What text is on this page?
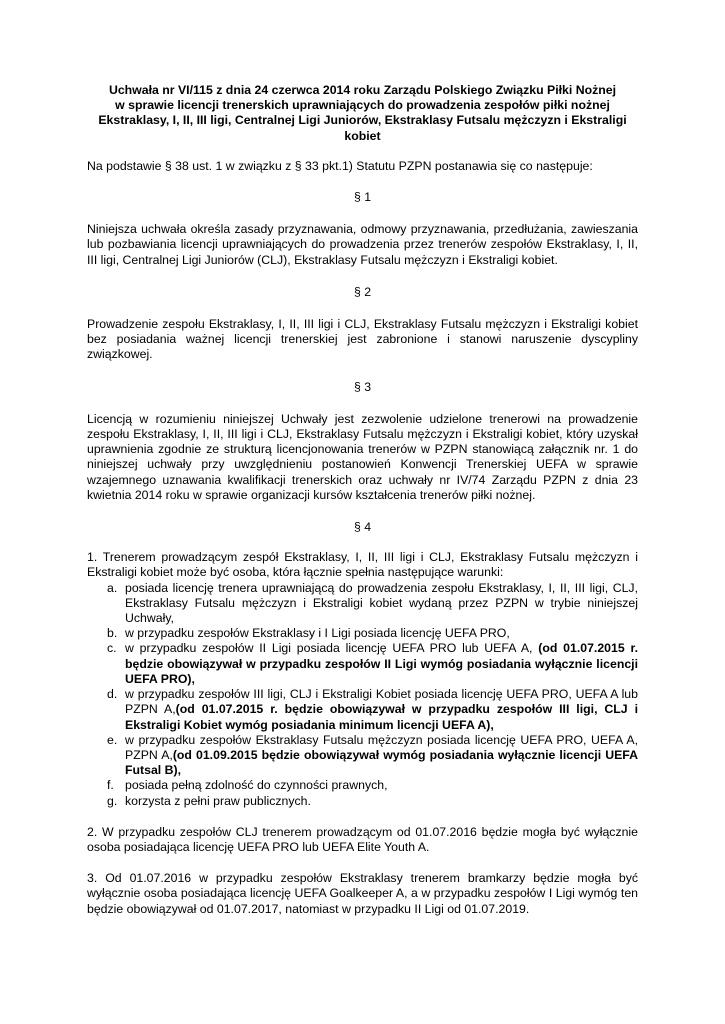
Uchwała nr VI/115 z dnia 24 czerwca 2014 roku Zarządu Polskiego Związku Piłki Nożnej
w sprawie licencji trenerskich uprawniających do prowadzenia zespołów piłki nożnej
Ekstraklasy, I, II, III ligi, Centralnej Ligi Juniorów, Ekstraklasy Futsalu mężczyzn i Ekstraligi
kobiet

Na podstawie § 38 ust. 1 w związku z § 33 pkt.1) Statutu PZPN postanawia się co następuje:

§ 1

Niniejsza uchwała określa zasady przyznawania, odmowy przyznawania, przedłużania, zawieszania lub pozbawiania licencji uprawniających do prowadzenia przez trenerów zespołów Ekstraklasy, I, II, III ligi, Centralnej Ligi Juniorów (CLJ), Ekstraklasy Futsalu mężczyzn i Ekstraligi kobiet.

§ 2

Prowadzenie zespołu Ekstraklasy, I, II, III ligi i CLJ, Ekstraklasy Futsalu mężczyzn i Ekstraligi kobiet bez posiadania ważnej licencji trenerskiej jest zabronione i stanowi naruszenie dyscypliny związkowej.

§ 3

Licencją w rozumieniu niniejszej Uchwały jest zezwolenie udzielone trenerowi na prowadzenie zespołu Ekstraklasy, I, II, III ligi i CLJ, Ekstraklasy Futsalu mężczyzn i Ekstraligi kobiet, który uzyskał uprawnienia zgodnie ze strukturą licencjonowania trenerów w PZPN stanowiącą załącznik nr. 1 do niniejszej uchwały przy uwzględnieniu postanowień Konwencji Trenerskiej UEFA w sprawie wzajemnego uznawania kwalifikacji trenerskich oraz uchwały nr IV/74 Zarządu PZPN z dnia 23 kwietnia 2014 roku w sprawie organizacji kursów kształcenia trenerów piłki nożnej.

§ 4

1. Trenerem prowadzącym zespół Ekstraklasy, I, II, III ligi i CLJ, Ekstraklasy Futsalu mężczyzn i Ekstraligi kobiet może być osoba, która łącznie spełnia następujące warunki:

a. posiada licencję trenera uprawniającą do prowadzenia zespołu Ekstraklasy, I, II, III ligi, CLJ, Ekstraklasy Futsalu mężczyzn i Ekstraligi kobiet wydaną przez PZPN w trybie niniejszej Uchwały,
b. w przypadku zespołów Ekstraklasy i I Ligi posiada licencję UEFA PRO,
c. w przypadku zespołów II Ligi posiada licencję UEFA PRO lub UEFA A, (od 01.07.2015 r. będzie obowiązywał w przypadku zespołów II Ligi wymóg posiadania wyłącznie licencji UEFA PRO),
d. w przypadku zespołów III ligi, CLJ i Ekstraligi Kobiet posiada licencję UEFA PRO, UEFA A lub PZPN A,(od 01.07.2015 r. będzie obowiązywał w przypadku zespołów III ligi, CLJ i Ekstraligi Kobiet wymóg posiadania minimum licencji UEFA A),
e. w przypadku zespołów Ekstraklasy Futsalu mężczyzn posiada licencję UEFA PRO, UEFA A, PZPN A,(od 01.09.2015 będzie obowiązywał wymóg posiadania wyłącznie licencji UEFA Futsal B),
f. posiada pełną zdolność do czynności prawnych,
g. korzysta z pełni praw publicznych.

2. W przypadku zespołów CLJ trenerem prowadzącym od 01.07.2016 będzie mogła być wyłącznie osoba posiadająca licencję UEFA PRO lub UEFA Elite Youth A.

3. Od 01.07.2016 w przypadku zespołów Ekstraklasy trenerem bramkarzy będzie mogła być wyłącznie osoba posiadająca licencję UEFA Goalkeeper A, a w przypadku zespołów I Ligi wymóg ten będzie obowiązywał od 01.07.2017, natomiast w przypadku II Ligi od 01.07.2019.
